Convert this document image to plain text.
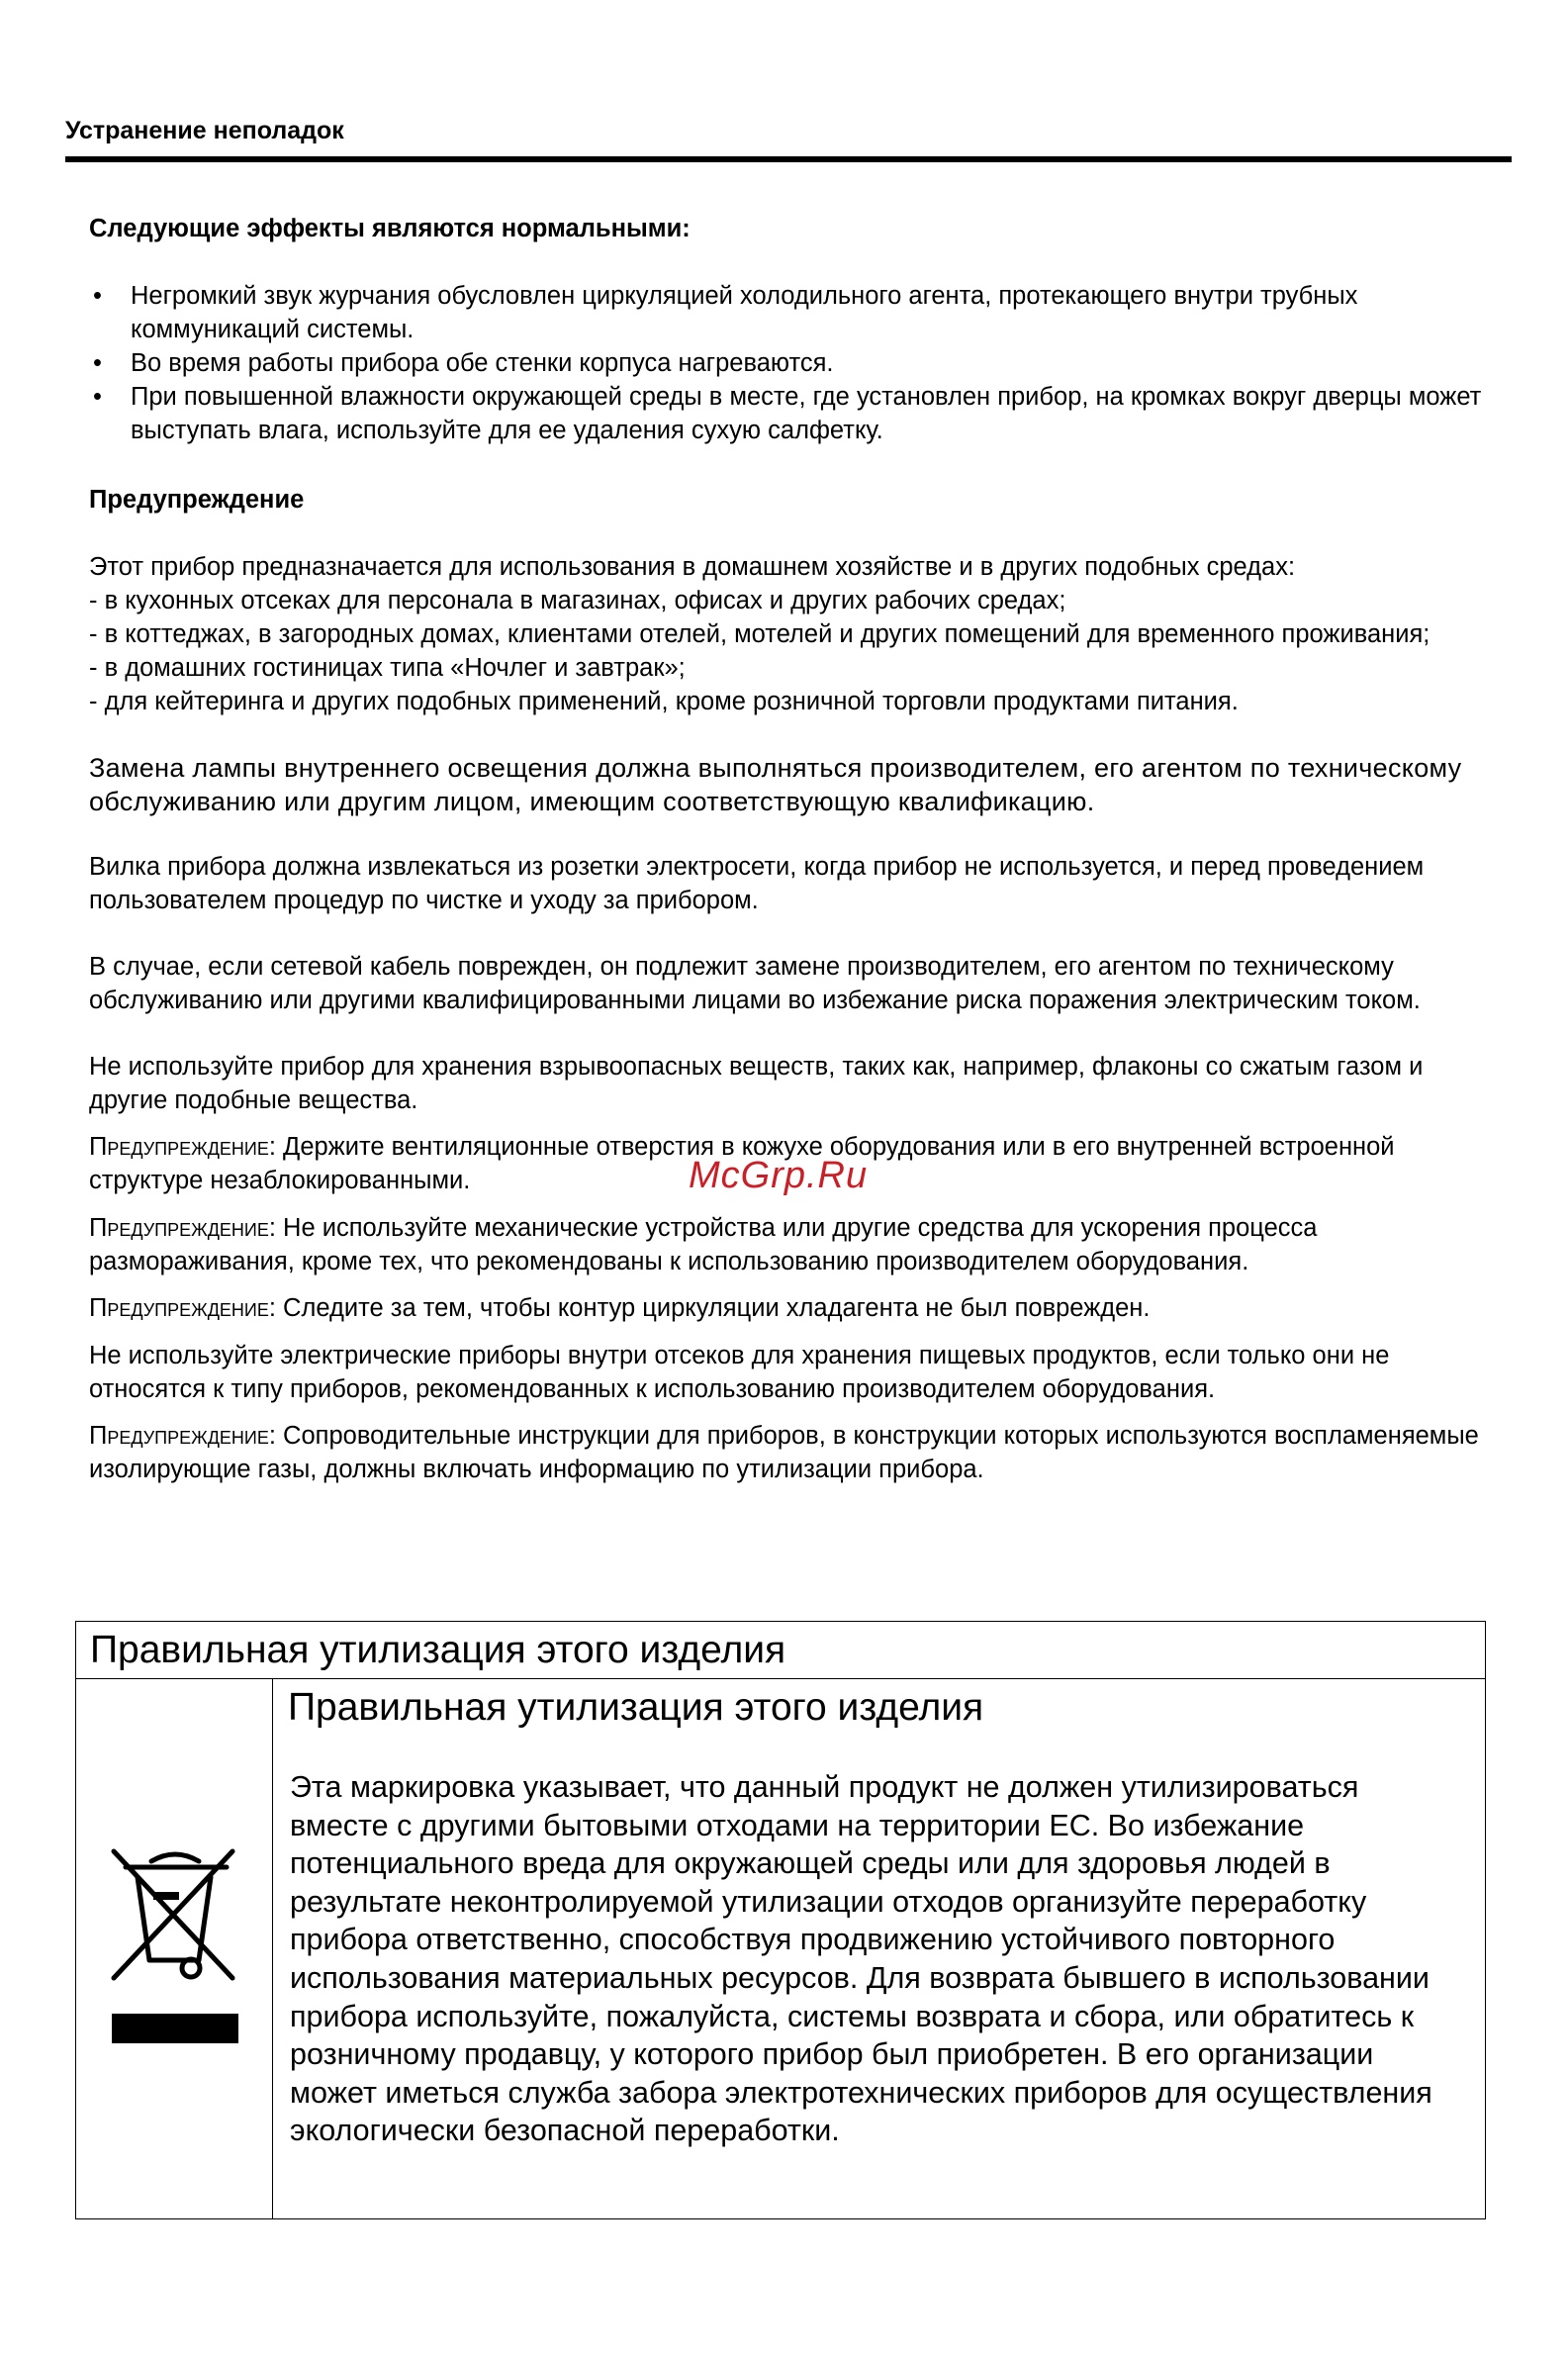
Устранение неполадок

Следующие эффекты являются нормальными:

• Негромкий звук журчания обусловлен циркуляцией холодильного агента, протекающего внутри трубных коммуникаций системы.
• Во время работы прибора обе стенки корпуса нагреваются.
• При повышенной влажности окружающей среды в месте, где установлен прибор, на кромках вокруг дверцы может выступать влага, используйте для ее удаления сухую салфетку.

Предупреждение

Этот прибор предназначается для использования в домашнем хозяйстве и в других подобных средах:

- в кухонных отсеках для персонала в магазинах, офисах и других рабочих средах;

- в коттеджах, в загородных домах, клиентами отелей, мотелей и других помещений для временного проживания;

- в домашних гостиницах типа «Ночлег и завтрак»;

- для кейтеринга и других подобных применений, кроме розничной торговли продуктами питания.

Замена лампы внутреннего освещения должна выполняться производителем, его агентом по техническому обслуживанию или другим лицом, имеющим соответствующую квалификацию.

Вилка прибора должна извлекаться из розетки электросети, когда прибор не используется, и перед проведением пользователем процедур по чистке и уходу за прибором.

В случае, если сетевой кабель поврежден, он подлежит замене производителем, его агентом по техническому обслуживанию или другими квалифицированными лицами во избежание риска поражения электрическим током.

Не используйте прибор для хранения взрывоопасных веществ, таких как, например, флаконы со сжатым газом и другие подобные вещества.

Предупреждение: Держите вентиляционные отверстия в кожухе оборудования или в его внутренней встроенной структуре незаблокированными.

Предупреждение: Не используйте механические устройства или другие средства для ускорения процесса размораживания, кроме тех, что рекомендованы к использованию производителем оборудования.

Предупреждение: Следите за тем, чтобы контур циркуляции хладагента не был поврежден.

Не используйте электрические приборы внутри отсеков для хранения пищевых продуктов, если только они не относятся к типу приборов, рекомендованных к использованию производителем оборудования.

Предупреждение: Сопроводительные инструкции для приборов, в конструкции которых используются воспламеняемые изолирующие газы, должны включать информацию по утилизации прибора.

McGrp.Ru
Правильная утилизация этого изделия

Правильная утилизация этого изделия

Эта маркировка указывает, что данный продукт не должен утилизироваться вместе с другими бытовыми отходами на территории ЕС. Во избежание потенциального вреда для окружающей среды или для здоровья людей в результате неконтролируемой утилизации отходов организуйте переработку прибора ответственно, способствуя продвижению устойчивого повторного использования материальных ресурсов. Для возврата бывшего в использовании прибора используйте, пожалуйста, системы возврата и сбора, или обратитесь к розничному продавцу, у которого прибор был приобретен. В его организации может иметься служба забора электротехнических приборов для осуществления экологически безопасной переработки.
